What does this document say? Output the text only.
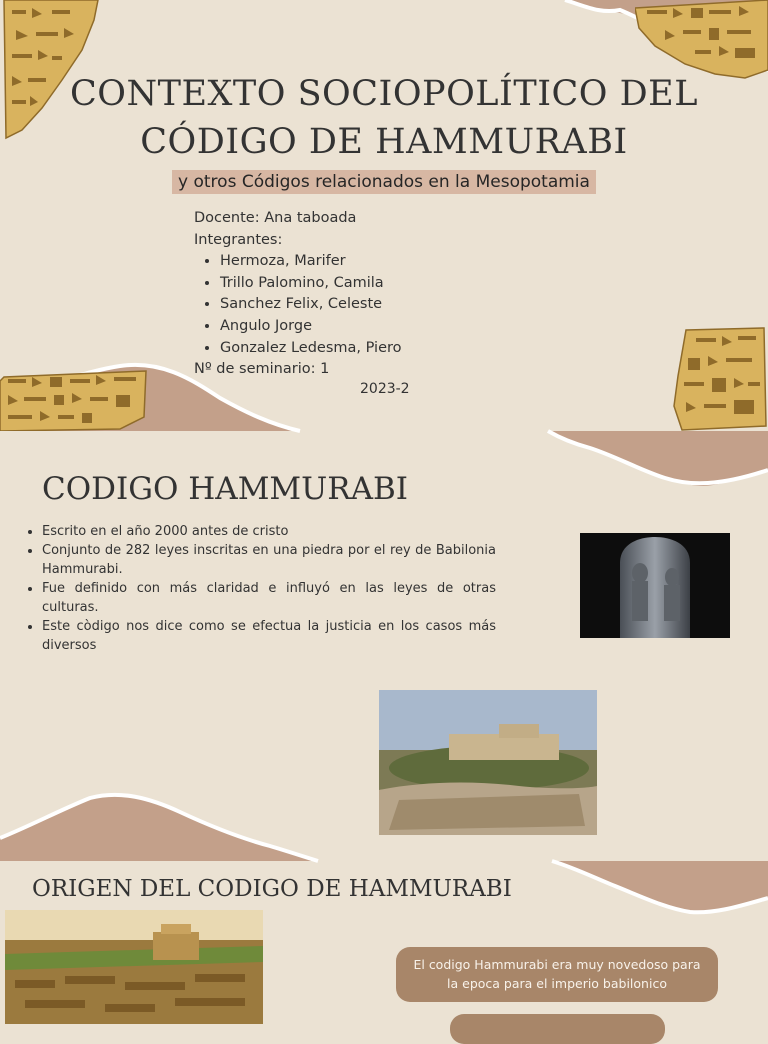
CONTEXTO SOCIOPOLÍTICO DEL
CÓDIGO DE HAMMURABI
y otros Códigos relacionados en la Mesopotamia
Docente: Ana taboada
Integrantes:
• Hermoza, Marifer
• Trillo Palomino, Camila
• Sanchez Felix, Celeste
• Angulo Jorge
• Gonzalez Ledesma, Piero
Nº de seminario: 1
2023-2
CODIGO HAMMURABI
• Escrito en el año 2000 antes de cristo
• Conjunto de 282 leyes inscritas en una piedra por el rey de Babilonia Hammurabi.
• Fue definido con más claridad e influyó en las leyes de otras culturas.
• Este còdigo nos dice como se efectua la justicia en los casos más diversos
ORIGEN DEL CODIGO DE HAMMURABI
El codigo Hammurabi era muy novedoso para la epoca para el imperio babilonico
